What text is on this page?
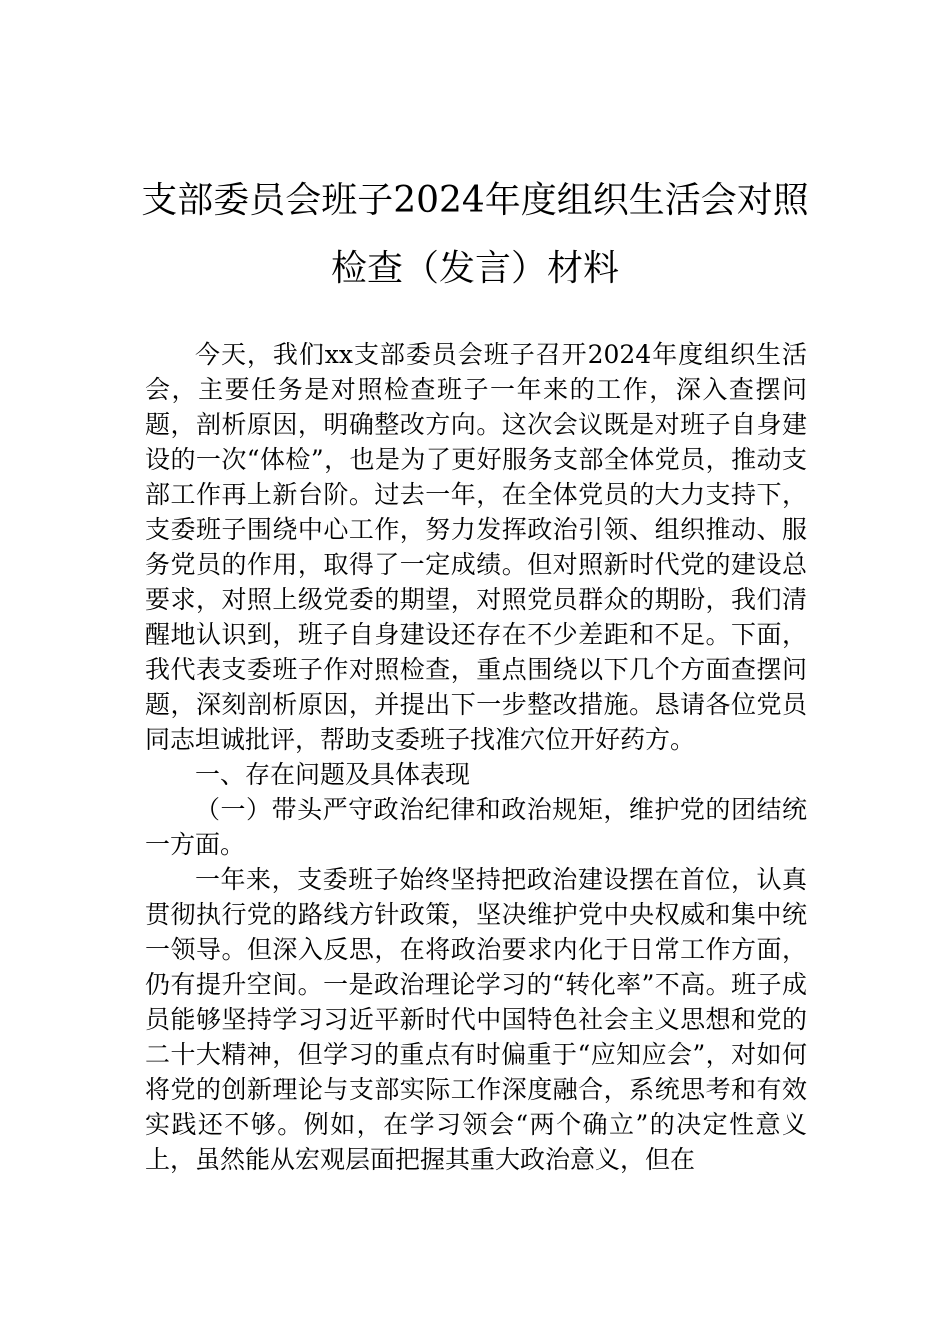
支部委员会班子2024年度组织生活会对照
检查（发言）材料

今天，我们xx支部委员会班子召开2024年度组织生活会，主要任务是对照检查班子一年来的工作，深入查摆问题，剖析原因，明确整改方向。这次会议既是对班子自身建设的一次“体检”，也是为了更好服务支部全体党员，推动支部工作再上新台阶。过去一年，在全体党员的大力支持下，支委班子围绕中心工作，努力发挥政治引领、组织推动、服务党员的作用，取得了一定成绩。但对照新时代党的建设总要求，对照上级党委的期望，对照党员群众的期盼，我们清醒地认识到，班子自身建设还存在不少差距和不足。下面，我代表支委班子作对照检查，重点围绕以下几个方面查摆问题，深刻剖析原因，并提出下一步整改措施。恳请各位党员同志坦诚批评，帮助支委班子找准穴位开好药方。

一、存在问题及具体表现

（一）带头严守政治纪律和政治规矩，维护党的团结统一方面。

一年来，支委班子始终坚持把政治建设摆在首位，认真贯彻执行党的路线方针政策，坚决维护党中央权威和集中统一领导。但深入反思，在将政治要求内化于日常工作方面，仍有提升空间。一是政治理论学习的“转化率”不高。班子成员能够坚持学习习近平新时代中国特色社会主义思想和党的二十大精神，但学习的重点有时偏重于“应知应会”，对如何将党的创新理论与支部实际工作深度融合，系统思考和有效实践还不够。例如，在学习领会“两个确立”的决定性意义上，虽然能从宏观层面把握其重大政治意义，但在
